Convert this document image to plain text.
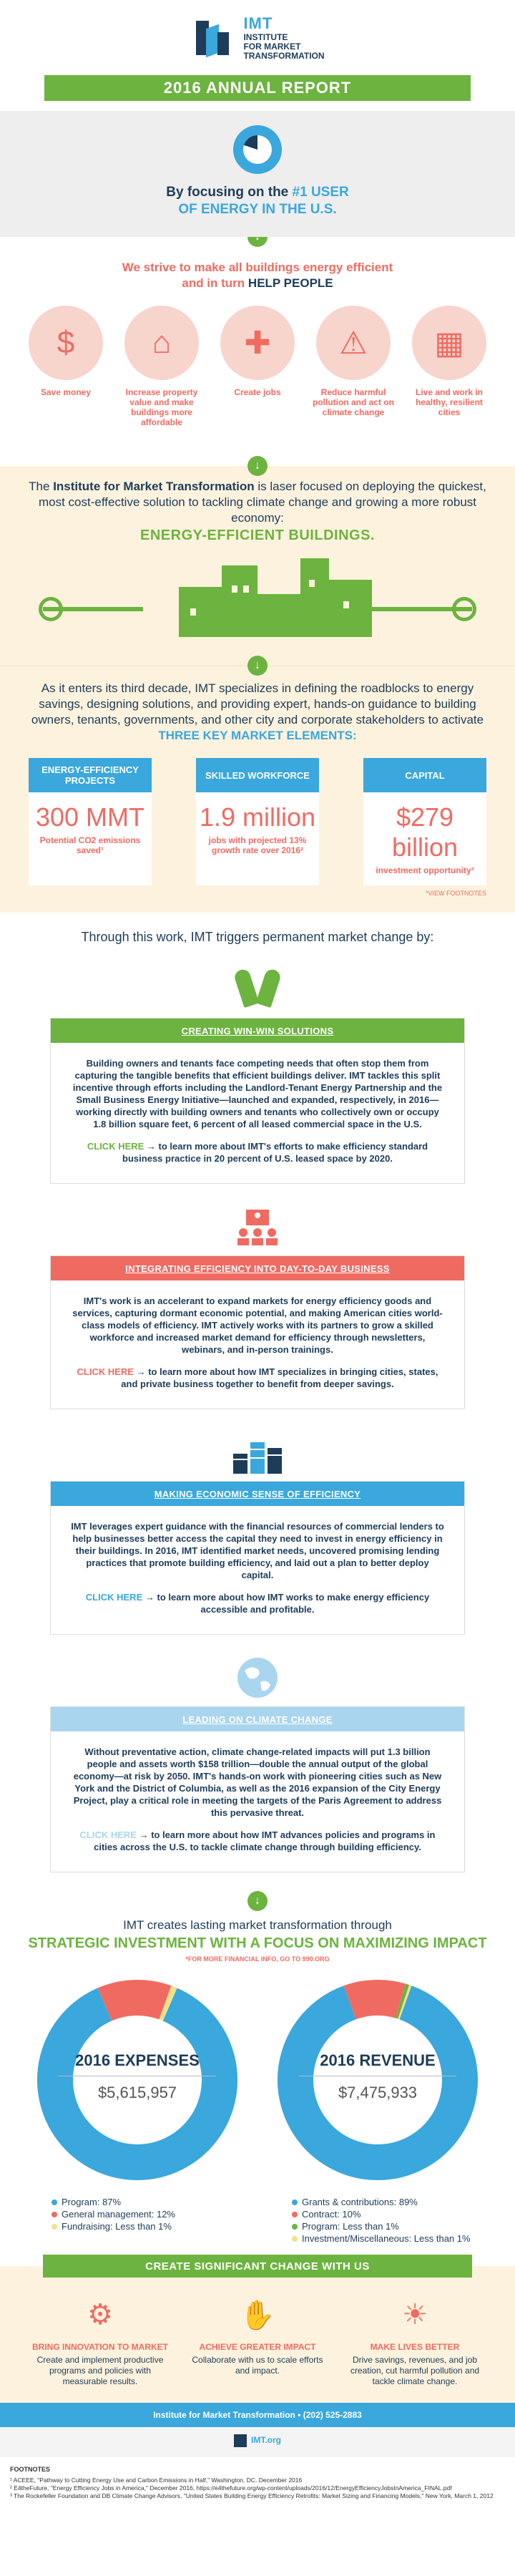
IMT
INSTITUTE
FOR MARKET
TRANSFORMATION
2016 ANNUAL REPORT
By focusing on the #1 USER
OF ENERGY IN THE U.S.
We strive to make all buildings energy efficient
and in turn HELP PEOPLE
$
Save money
⌂
Increase property value and make buildings more affordable
✚
Create jobs
⚠
Reduce harmful pollution and act on climate change
▦
Live and work in healthy, resilient cities
↓
The Institute for Market Transformation is laser focused on deploying the quickest, most cost-effective solution to tackling climate change and growing a more robust economy:
ENERGY-EFFICIENT BUILDINGS.
↓
As it enters its third decade, IMT specializes in defining the roadblocks to energy savings, designing solutions, and providing expert, hands-on guidance to building owners, tenants, governments, and other city and corporate stakeholders to activate THREE KEY MARKET ELEMENTS:
ENERGY-EFFICIENCY PROJECTS
300 MMT
Potential CO2 emissions saved¹
SKILLED WORKFORCE
1.9 million
jobs with projected 13% growth rate over 2016²
CAPITAL
$279 billion
investment opportunity³
*VIEW FOOTNOTES
Through this work, IMT triggers permanent market change by:
CREATING WIN-WIN SOLUTIONS
Building owners and tenants face competing needs that often stop them from capturing the tangible benefits that efficient buildings deliver. IMT tackles this split incentive through efforts including the Landlord-Tenant Energy Partnership and the Small Business Energy Initiative—launched and expanded, respectively, in 2016—working directly with building owners and tenants who collectively own or occupy 1.8 billion square feet, 6 percent of all leased commercial space in the U.S.
CLICK HERE → to learn more about IMT's efforts to make efficiency standard business practice in 20 percent of U.S. leased space by 2020.
INTEGRATING EFFICIENCY INTO DAY-TO-DAY BUSINESS
IMT's work is an accelerant to expand markets for energy efficiency goods and services, capturing dormant economic potential, and making American cities world-class models of efficiency. IMT actively works with its partners to grow a skilled workforce and increased market demand for efficiency through newsletters, webinars, and in-person trainings.
CLICK HERE → to learn more about how IMT specializes in bringing cities, states, and private business together to benefit from deeper savings.
MAKING ECONOMIC SENSE OF EFFICIENCY
IMT leverages expert guidance with the financial resources of commercial lenders to help businesses better access the capital they need to invest in energy efficiency in their buildings. In 2016, IMT identified market needs, uncovered promising lending practices that promote building efficiency, and laid out a plan to better deploy capital.
CLICK HERE → to learn more about how IMT works to make energy efficiency accessible and profitable.
LEADING ON CLIMATE CHANGE
Without preventative action, climate change-related impacts will put 1.3 billion people and assets worth $158 trillion—double the annual output of the global economy—at risk by 2050. IMT's hands-on work with pioneering cities such as New York and the District of Columbia, as well as the 2016 expansion of the City Energy Project, play a critical role in meeting the targets of the Paris Agreement to address this pervasive threat.
CLICK HERE → to learn more about how IMT advances policies and programs in cities across the U.S. to tackle climate change through building efficiency.
↓
IMT creates lasting market transformation through
STRATEGIC INVESTMENT WITH A FOCUS ON MAXIMIZING IMPACT
*FOR MORE FINANCIAL INFO, GO TO 990.ORG
2016 EXPENSES
$5,615,957
Program: 87%
General management: 12%
Fundraising: Less than 1%
2016 REVENUE
$7,475,933
Grants & contributions: 89%
Contract: 10%
Program: Less than 1%
Investment/Miscellaneous: Less than 1%
CREATE SIGNIFICANT CHANGE WITH US
⚙
BRING INNOVATION TO MARKET
Create and implement productive programs and policies with measurable results.
✋
ACHIEVE GREATER IMPACT
Collaborate with us to scale efforts and impact.
☀
MAKE LIVES BETTER
Drive savings, revenues, and job creation, cut harmful pollution and tackle climate change.
Institute for Market Transformation • (202) 525-2883
IMT.org
FOOTNOTES
¹ ACEEE, "Pathway to Cutting Energy Use and Carbon Emissions in Half," Washington, DC. December 2016
² E4theFuture, "Energy Efficiency Jobs in America," December 2016, https://e4thefuture.org/wp-content/uploads/2016/12/EnergyEfficiencyJobsInAmerica_FINAL.pdf
³ The Rockefeller Foundation and DB Climate Change Advisors, "United States Building Energy Efficiency Retrofits: Market Sizing and Financing Models," New York, March 1, 2012
